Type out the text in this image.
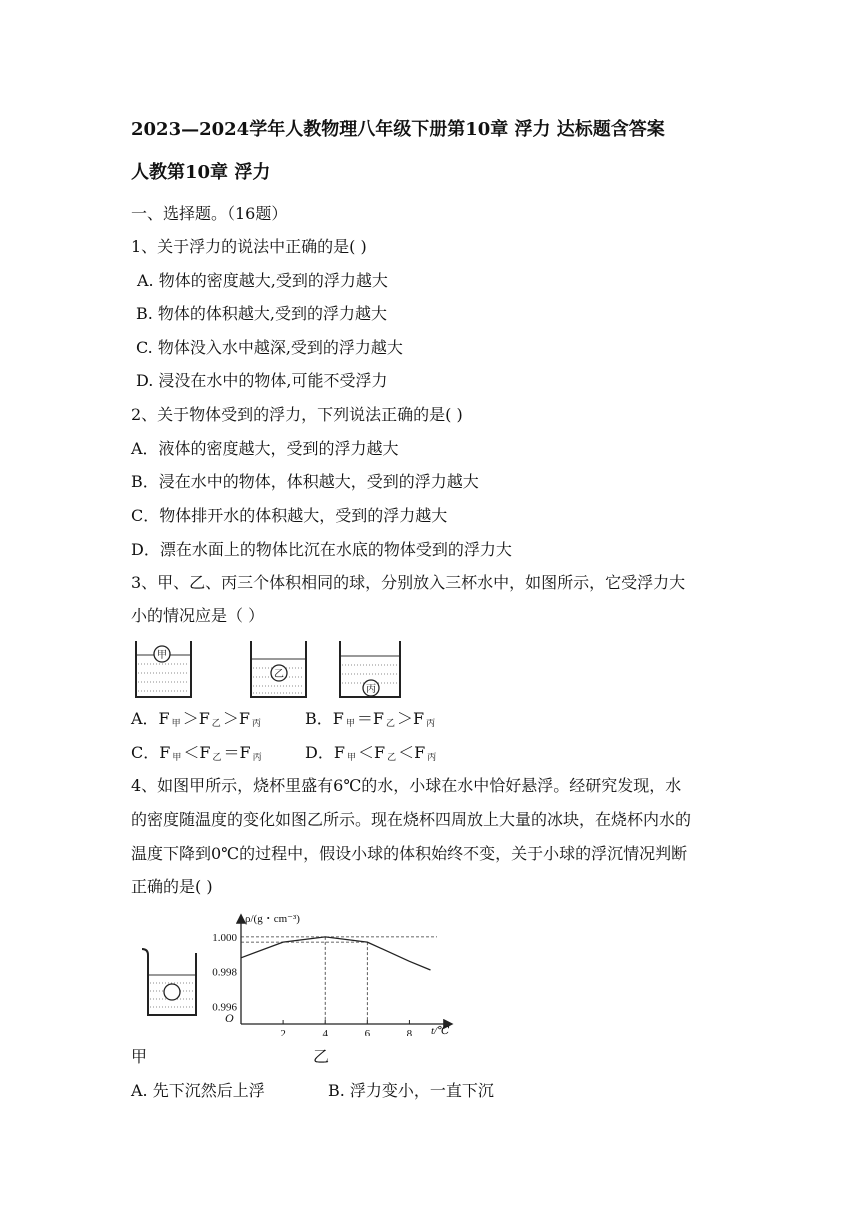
2023—2024学年人教物理八年级下册第10章 浮力 达标题含答案
人教第10章 浮力
一、选择题。（16题）
1、关于浮力的说法中正确的是( )
A. 物体的密度越大,受到的浮力越大
B. 物体的体积越大,受到的浮力越大
C. 物体没入水中越深,受到的浮力越大
D. 浸没在水中的物体,可能不受浮力
2、关于物体受到的浮力，下列说法正确的是( )
A．液体的密度越大，受到的浮力越大
B．浸在水中的物体，体积越大，受到的浮力越大
C．物体排开水的体积越大，受到的浮力越大
D．漂在水面上的物体比沉在水底的物体受到的浮力大
3、甲、乙、丙三个体积相同的球，分别放入三杯水中，如图所示，它受浮力大
小的情况应是（ ）
甲
乙
丙
A．F 甲 ＞F 乙 ＞F 丙	B．F 甲 ＝F 乙 ＞F 丙
C．F 甲 ＜F 乙 ＝F 丙	D．F 甲 ＜F 乙 ＜F 丙
4、如图甲所示，烧杯里盛有6℃的水，小球在水中恰好悬浮。经研究发现，水
的密度随温度的变化如图乙所示。现在烧杯四周放上大量的冰块，在烧杯内水的
温度下降到0℃的过程中，假设小球的体积始终不变，关于小球的浮沉情况判断
正确的是( )
ρ/(g・cm⁻³)
t/℃
O
2	4	6	8
1.000
0.998
0.996
甲	乙
A. 先下沉然后上浮	B. 浮力变小，一直下沉
